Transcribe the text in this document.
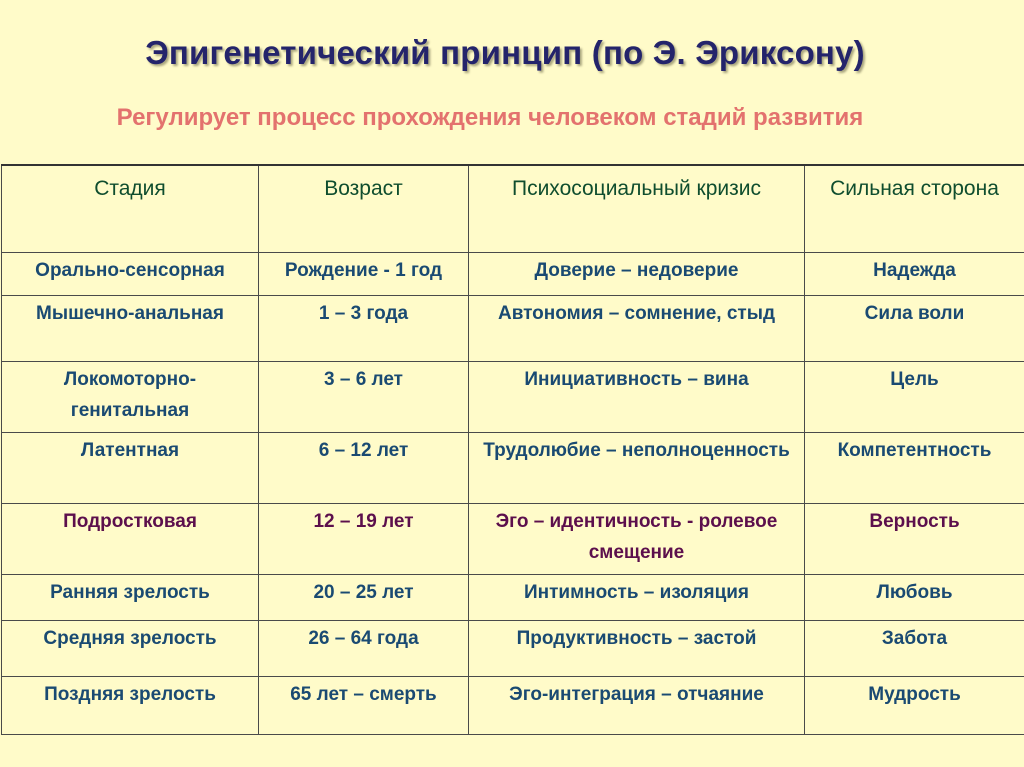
Эпигенетический принцип (по Э. Эриксону)
Регулирует процесс прохождения человеком стадий развития
Стадия	Возраст	Психосоциальный кризис	Сильная сторона
Орально-сенсорная	Рождение - 1 год	Доверие – недоверие	Надежда
Мышечно-анальная	1 – 3 года	Автономия – сомнение, стыд	Сила воли
Локомоторно-генитальная	3 – 6 лет	Инициативность – вина	Цель
Латентная	6 – 12 лет	Трудолюбие – неполноценность	Компетентность
Подростковая	12 – 19 лет	Эго – идентичность - ролевое смещение	Верность
Ранняя зрелость	20 – 25 лет	Интимность – изоляция	Любовь
Средняя зрелость	26 – 64 года	Продуктивность – застой	Забота
Поздняя зрелость	65 лет – смерть	Эго-интеграция – отчаяние	Мудрость
